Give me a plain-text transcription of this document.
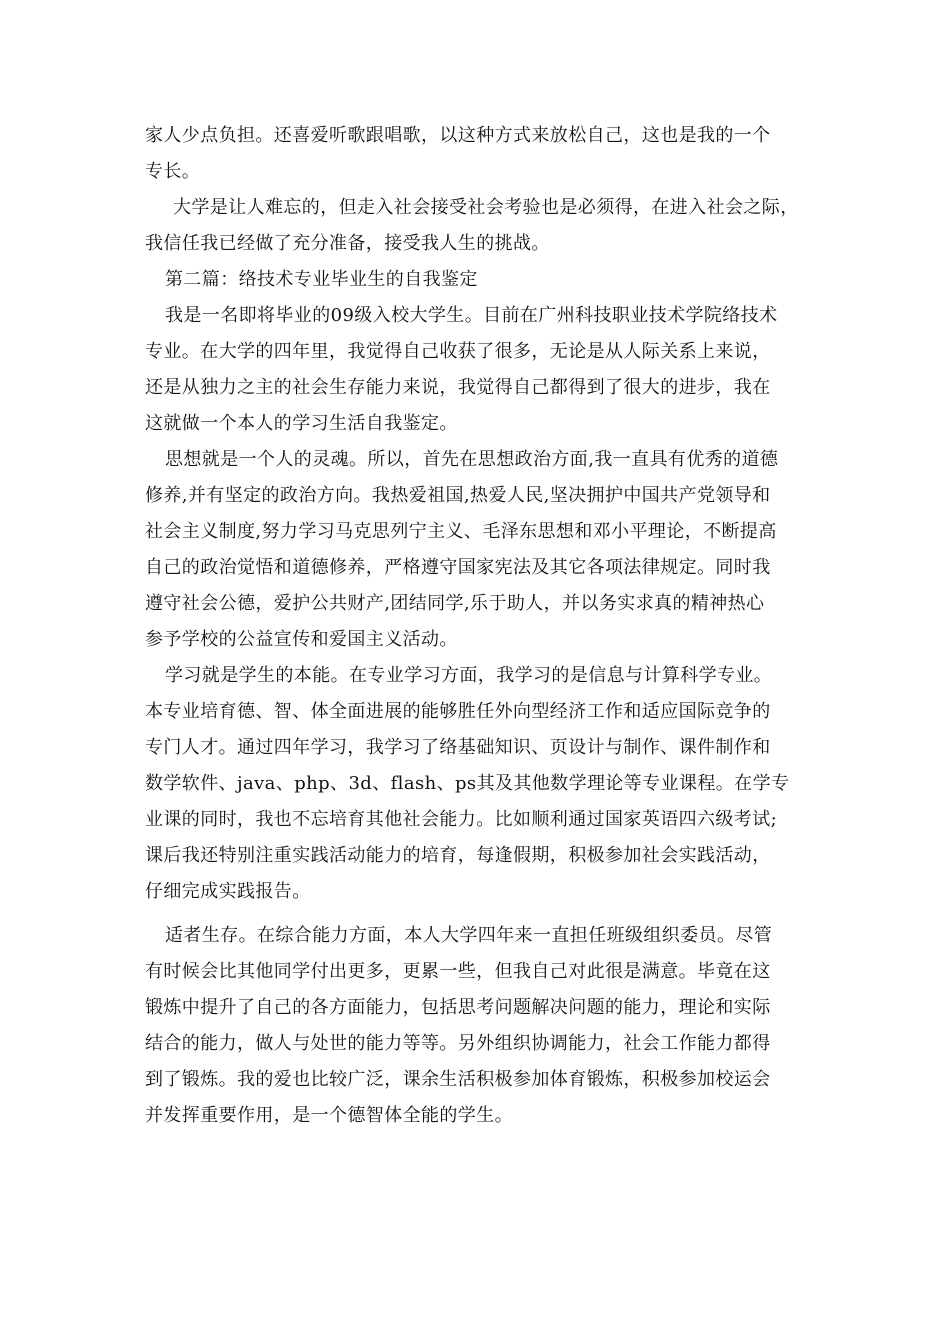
家人少点负担。还喜爱听歌跟唱歌，以这种方式来放松自己，这也是我的一个
专长。
大学是让人难忘的，但走入社会接受社会考验也是必须得，在进入社会之际，
我信任我已经做了充分准备，接受我人生的挑战。
第二篇：络技术专业毕业生的自我鉴定
我是一名即将毕业的09级入校大学生。目前在广州科技职业技术学院络技术
专业。在大学的四年里，我觉得自己收获了很多，无论是从人际关系上来说，
还是从独力之主的社会生存能力来说，我觉得自己都得到了很大的进步，我在
这就做一个本人的学习生活自我鉴定。
思想就是一个人的灵魂。所以，首先在思想政治方面,我一直具有优秀的道德
修养,并有坚定的政治方向。我热爱祖国,热爱人民,坚决拥护中国共产党领导和
社会主义制度,努力学习马克思列宁主义、毛泽东思想和邓小平理论，不断提高
自己的政治觉悟和道德修养，严格遵守国家宪法及其它各项法律规定。同时我
遵守社会公德，爱护公共财产,团结同学,乐于助人，并以务实求真的精神热心
参予学校的公益宣传和爱国主义活动。
学习就是学生的本能。在专业学习方面，我学习的是信息与计算科学专业。
本专业培育德、智、体全面进展的能够胜任外向型经济工作和适应国际竞争的
专门人才。通过四年学习，我学习了络基础知识、页设计与制作、课件制作和
数学软件、java、php、3d、flash、ps其及其他数学理论等专业课程。在学专
业课的同时，我也不忘培育其他社会能力。比如顺利通过国家英语四六级考试;
课后我还特别注重实践活动能力的培育，每逢假期，积极参加社会实践活动，
仔细完成实践报告。
适者生存。在综合能力方面，本人大学四年来一直担任班级组织委员。尽管
有时候会比其他同学付出更多，更累一些，但我自己对此很是满意。毕竟在这
锻炼中提升了自己的各方面能力，包括思考问题解决问题的能力，理论和实际
结合的能力，做人与处世的能力等等。另外组织协调能力，社会工作能力都得
到了锻炼。我的爱也比较广泛，课余生活积极参加体育锻炼，积极参加校运会
并发挥重要作用，是一个德智体全能的学生。
